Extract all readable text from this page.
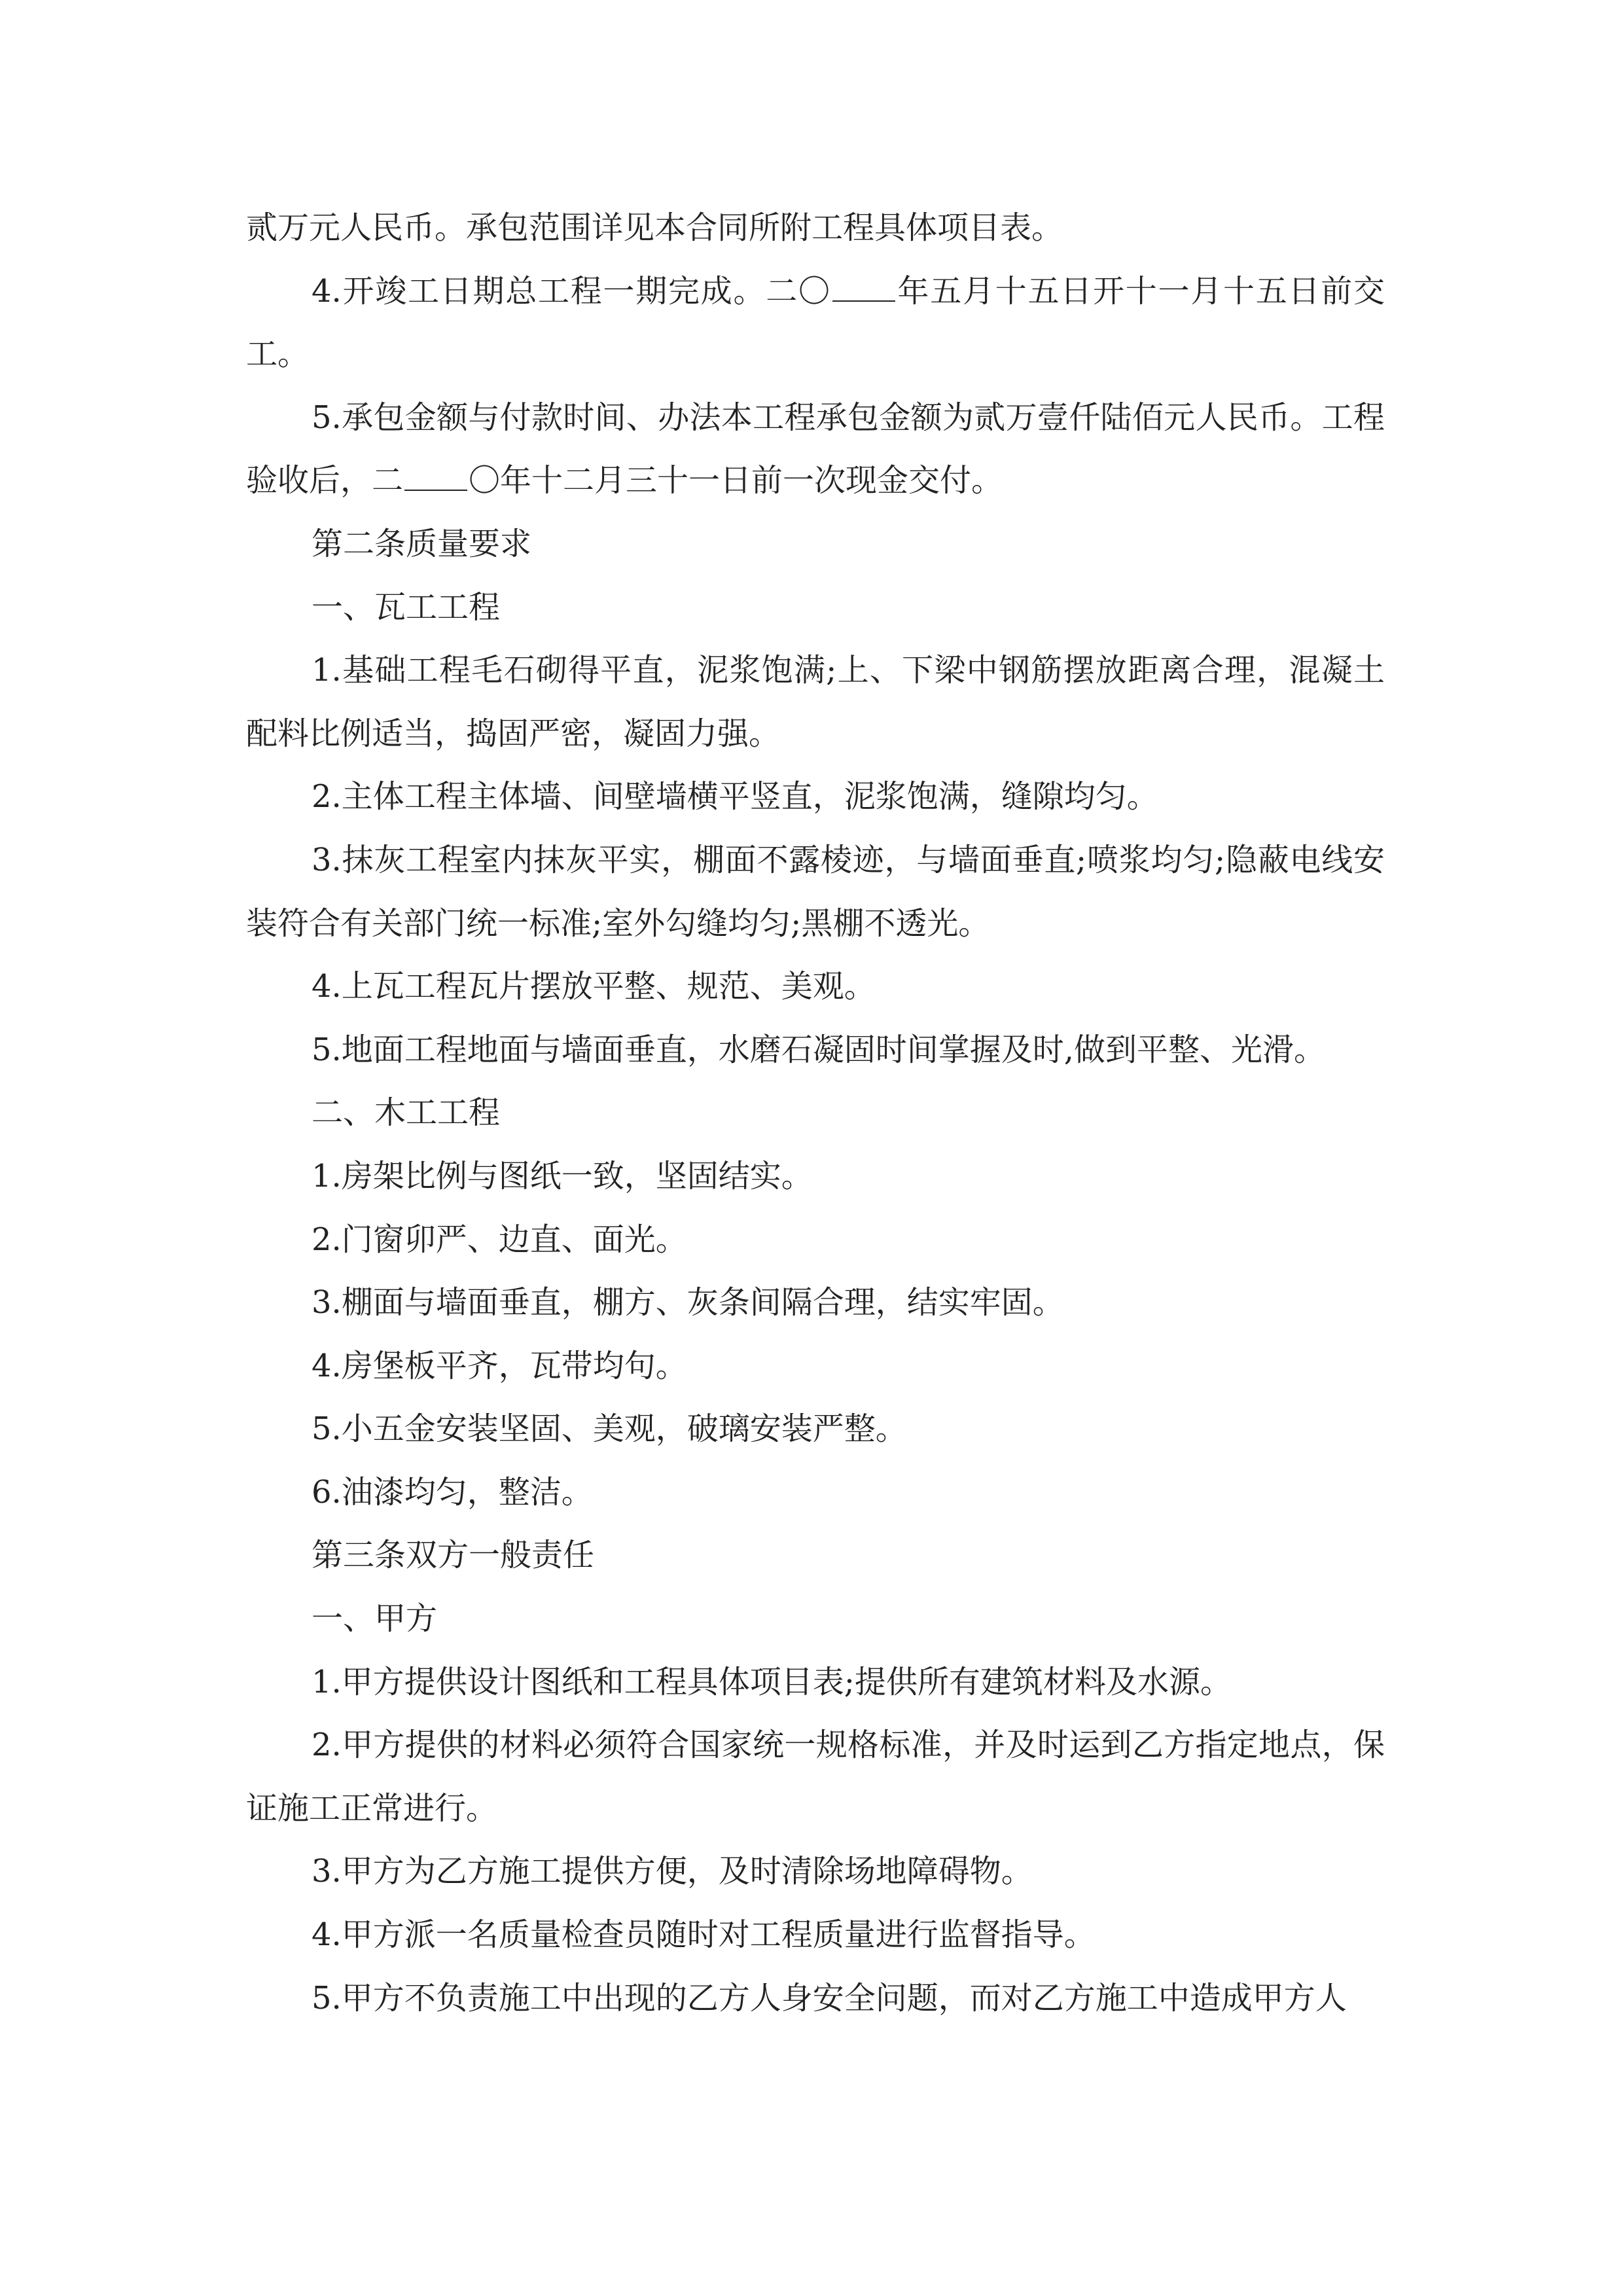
贰万元人民币。承包范围详见本合同所附工程具体项目表。

4.开竣工日期总工程一期完成。二〇 年五月十五日开十一月十五日前交工。

5.承包金额与付款时间、办法本工程承包金额为贰万壹仟陆佰元人民币。工程验收后，二 〇年十二月三十一日前一次现金交付。

第二条质量要求

一、瓦工工程

1.基础工程毛石砌得平直，泥浆饱满;上、下梁中钢筋摆放距离合理，混凝土配料比例适当，捣固严密，凝固力强。

2.主体工程主体墙、间壁墙横平竖直，泥浆饱满，缝隙均匀。

3.抹灰工程室内抹灰平实，棚面不露棱迹，与墙面垂直;喷浆均匀;隐蔽电线安装符合有关部门统一标准;室外勾缝均匀;黑棚不透光。

4.上瓦工程瓦片摆放平整、规范、美观。

5.地面工程地面与墙面垂直，水磨石凝固时间掌握及时,做到平整、光滑。

二、木工工程

1.房架比例与图纸一致，坚固结实。

2.门窗卯严、边直、面光。

3.棚面与墙面垂直，棚方、灰条间隔合理，结实牢固。

4.房堡板平齐，瓦带均句。

5.小五金安装坚固、美观，破璃安装严整。

6.油漆均匀，整洁。

第三条双方一般责任

一、甲方

1.甲方提供设计图纸和工程具体项目表;提供所有建筑材料及水源。

2.甲方提供的材料必须符合国家统一规格标准，并及时运到乙方指定地点，保证施工正常进行。

3.甲方为乙方施工提供方便，及时清除场地障碍物。

4.甲方派一名质量检查员随时对工程质量进行监督指导。

5.甲方不负责施工中出现的乙方人身安全问题，而对乙方施工中造成甲方人
